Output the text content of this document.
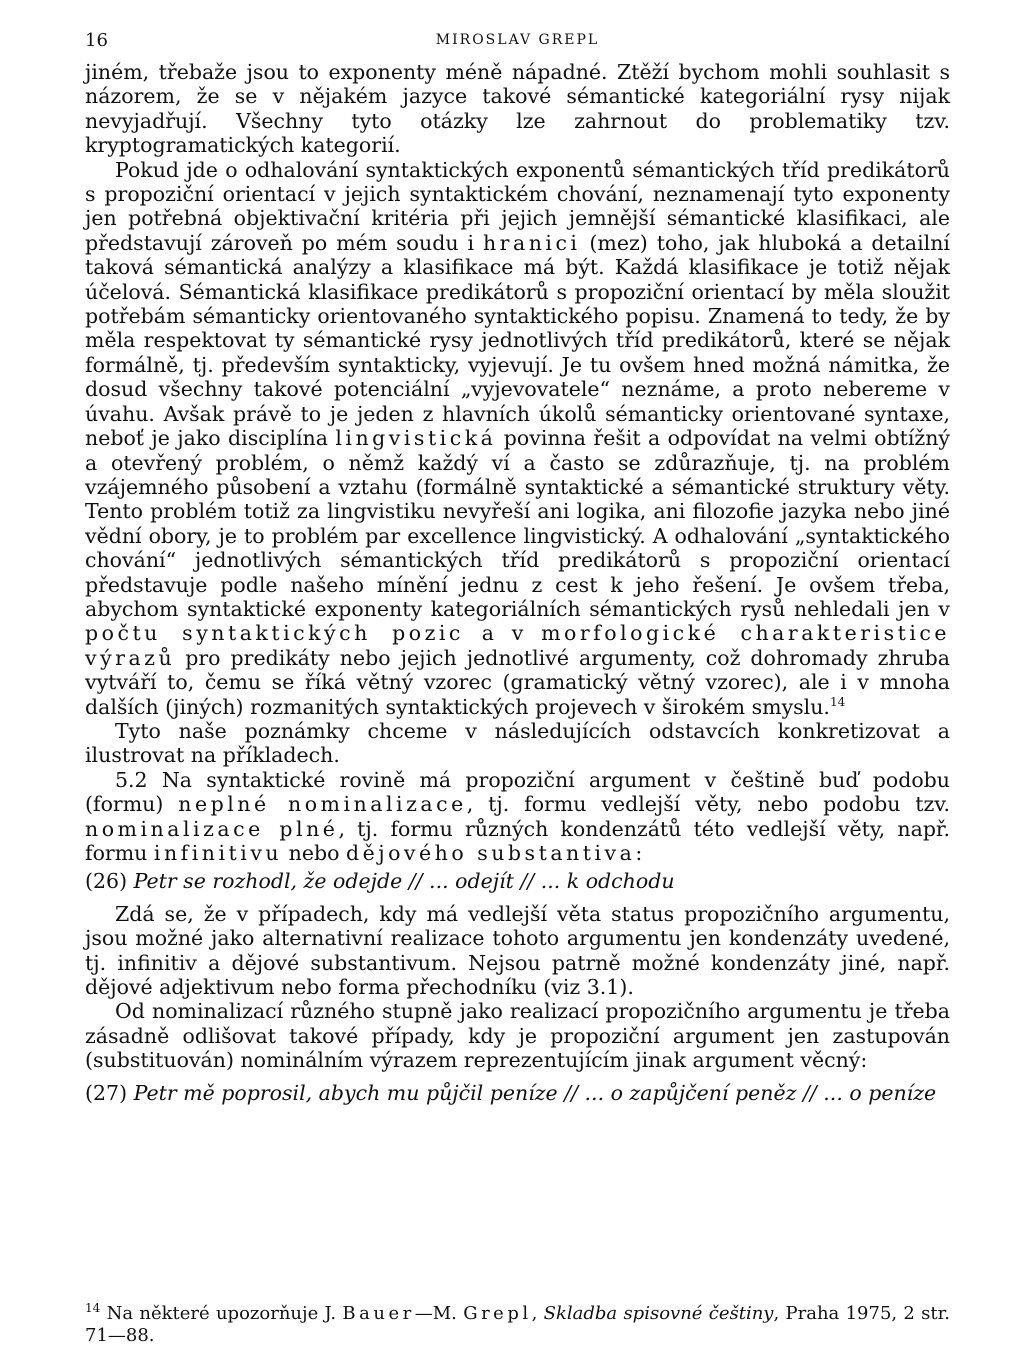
16	MIROSLAV GREPL

jiném, třebaže jsou to exponenty méně nápadné. Ztěží bychom mohli souhlasit s názorem, že se v nějakém jazyce takové sémantické kategoriální rysy nijak nevyjadřují. Všechny tyto otázky lze zahrnout do problematiky tzv. kryptogramatických kategorií.

Pokud jde o odhalování syntaktických exponentů sémantických tříd predikátorů s propoziční orientací v jejich syntaktickém chování, neznamenají tyto exponenty jen potřebná objektivační kritéria při jejich jemnější sémantické klasifikaci, ale představují zároveň po mém soudu i hranici (mez) toho, jak hluboká a detailní taková sémantická analýzy a klasifikace má být. Každá klasifikace je totiž nějak účelová. Sémantická klasifikace predikátorů s propoziční orientací by měla sloužit potřebám sémanticky orientovaného syntaktického popisu. Znamená to tedy, že by měla respektovat ty sémantické rysy jednotlivých tříd predikátorů, které se nějak formálně, tj. především syntakticky, vyjevují. Je tu ovšem hned možná námitka, že dosud všechny takové potenciální „vyjevovatele“ neznáme, a proto nebereme v úvahu. Avšak právě to je jeden z hlavních úkolů sémanticky orientované syntaxe, neboť je jako disciplína lingvistická povinna řešit a odpovídat na velmi obtížný a otevřený problém, o němž každý ví a často se zdůrazňuje, tj. na problém vzájemného působení a vztahu (formálně syntaktické a sémantické struktury věty. Tento problém totiž za lingvistiku nevyřeší ani logika, ani filozofie jazyka nebo jiné vědní obory, je to problém par excellence lingvistický. A odhalování „syntaktického chování“ jednotlivých sémantických tříd predikátorů s propoziční orientací představuje podle našeho mínění jednu z cest k jeho řešení. Je ovšem třeba, abychom syntaktické exponenty kategoriálních sémantických rysů nehledali jen v počtu syntaktických pozic a v morfologické charakteristice výrazů pro predikáty nebo jejich jednotlivé argumenty, což dohromady zhruba vytváří to, čemu se říká větný vzorec (gramatický větný vzorec), ale i v mnoha dalších (jiných) rozmanitých syntaktických projevech v širokém smyslu.$^{14}$

Tyto naše poznámky chceme v následujících odstavcích konkretizovat a ilustrovat na příkladech.

5.2 Na syntaktické rovině má propoziční argument v češtině buď podobu (formu) neplné nominalizace, tj. formu vedlejší věty, nebo podobu tzv. nominalizace plné, tj. formu různých kondenzátů této vedlejší věty, např. formu infinitivu nebo dějového substantiva:

(26) Petr se rozhodl, že odejde // ... odejít // ... k odchodu

Zdá se, že v případech, kdy má vedlejší věta status propozičního argumentu, jsou možné jako alternativní realizace tohoto argumentu jen kondenzáty uvedené, tj. infinitiv a dějové substantivum. Nejsou patrně možné kondenzáty jiné, např. dějové adjektivum nebo forma přechodníku (viz 3.1).

Od nominalizací různého stupně jako realizací propozičního argumentu je třeba zásadně odlišovat takové případy, kdy je propoziční argument jen zastupován (substituován) nominálním výrazem reprezentujícím jinak argument věcný:

(27) Petr mě poprosil, abych mu půjčil peníze // ... o zapůjčení peněz // ... o peníze
$^{14}$ Na některé upozorňuje J. Bauer—M. Grepl, Skladba spisovné češtiny, Praha 1975, 2 str. 71—88.
